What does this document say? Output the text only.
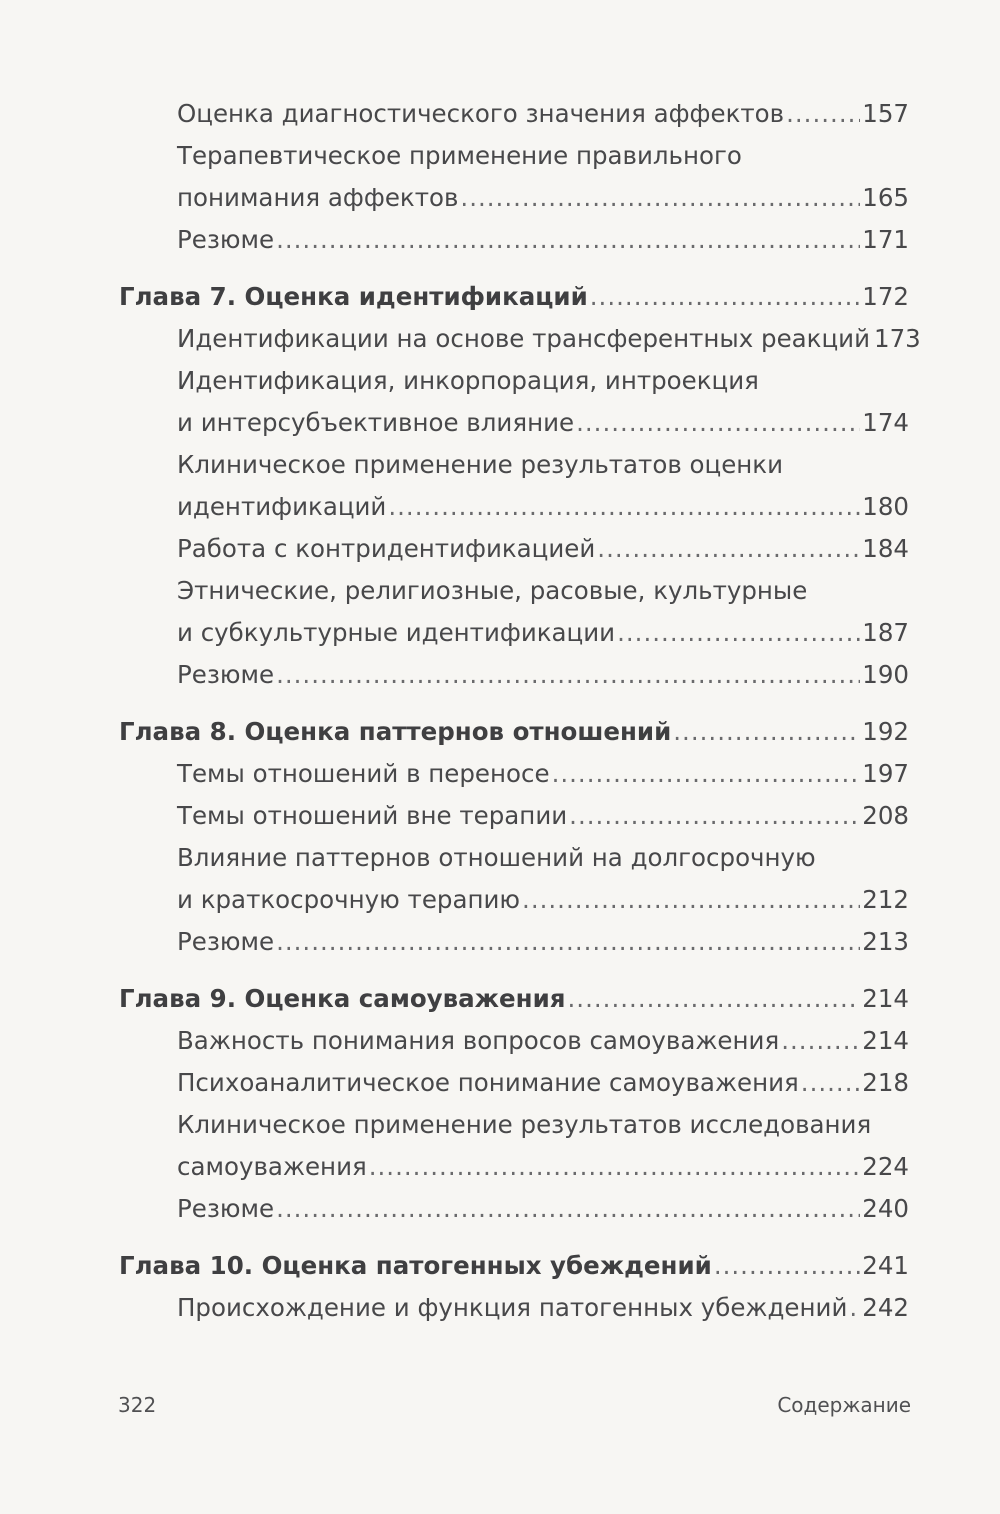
Оценка диагностического значения аффектов .....	157
Терапевтическое применение правильного
понимания аффектов .....	165
Резюме .....	171
Глава 7. Оценка идентификаций .....	172
Идентификации на основе трансферентных реакций 173
Идентификация, инкорпорация, интроекция
и интерсубъективное влияние .....	174
Клиническое применение результатов оценки
идентификаций .....	180
Работа с контридентификацией .....	184
Этнические, религиозные, расовые, культурные
и субкультурные идентификации .....	187
Резюме .....	190
Глава 8. Оценка паттернов отношений .....	192
Темы отношений в переносе .....	197
Темы отношений вне терапии .....	208
Влияние паттернов отношений на долгосрочную
и краткосрочную терапию .....	212
Резюме .....	213
Глава 9. Оценка самоуважения .....	214
Важность понимания вопросов самоуважения .....	214
Психоаналитическое понимание самоуважения .....	218
Клиническое применение результатов исследования
самоуважения .....	224
Резюме .....	240
Глава 10. Оценка патогенных убеждений .....	241
Происхождение и функция патогенных убеждений ..... 242
322	Содержание
